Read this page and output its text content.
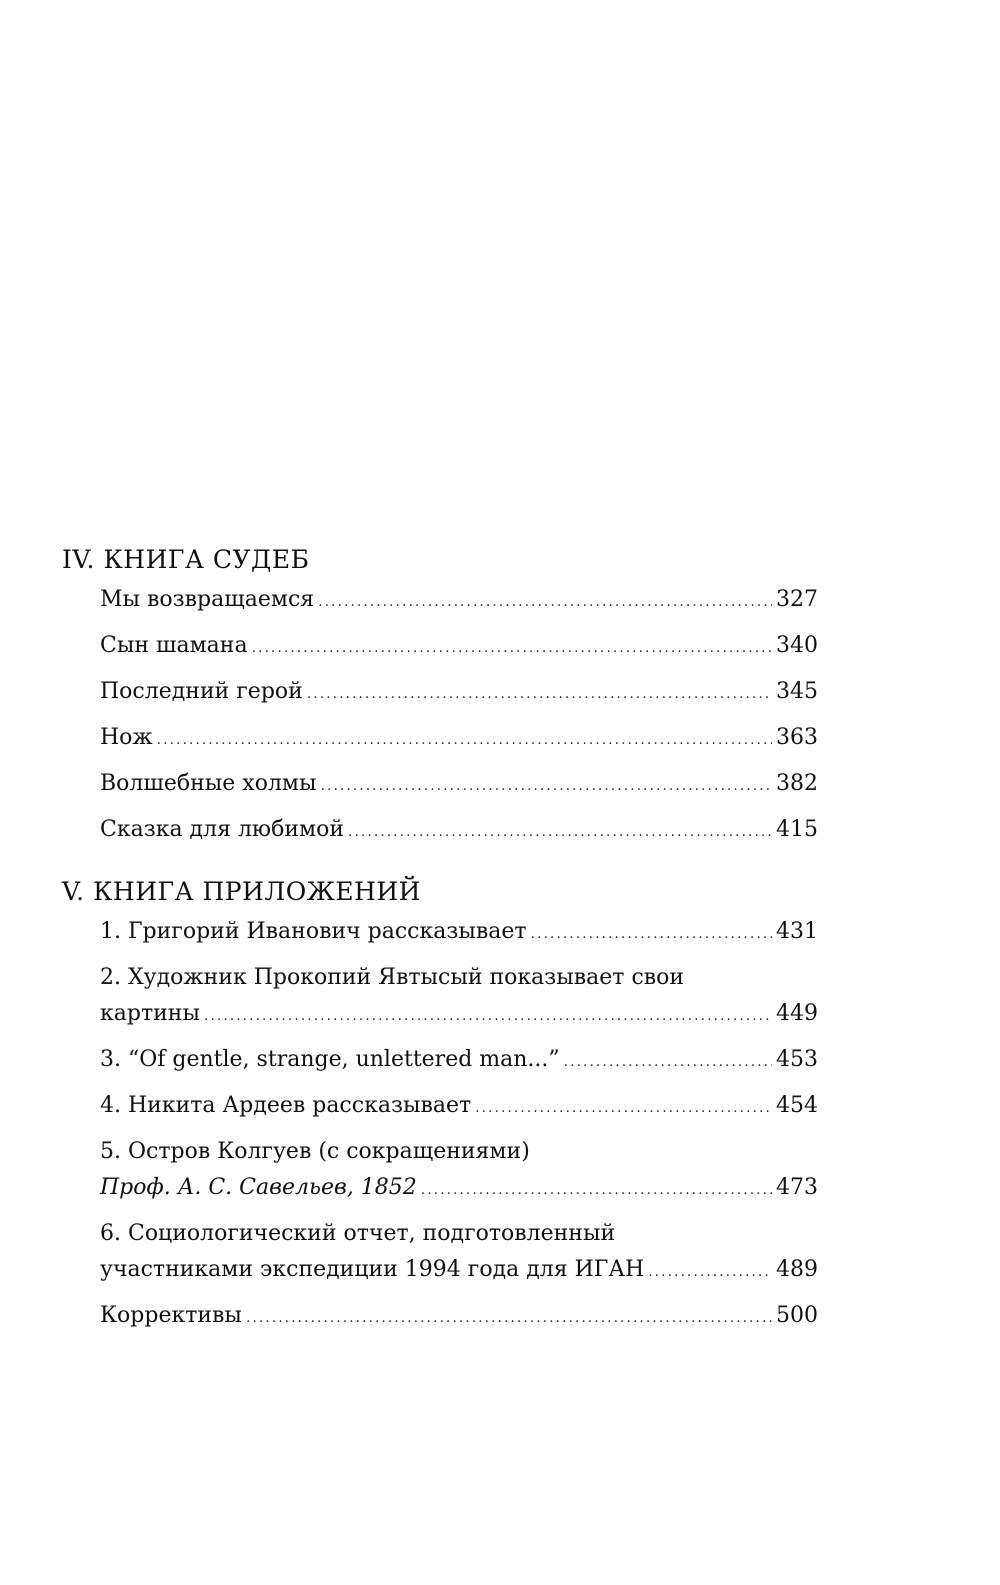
IV. КНИГА СУДЕБ
Мы возвращаемся .....	327
Сын шамана .....	340
Последний герой .....	345
Нож .....	363
Волшебные холмы .....	382
Сказка для любимой .....	415
V. КНИГА ПРИЛОЖЕНИЙ
1. Григорий Иванович рассказывает .....	431
2. Художник Прокопий Явтысый показывает свои
картины .....	449
3. “Of gentle, strange, unlettered man...” .....	453
4. Никита Ардеев рассказывает .....	454
5. Остров Колгуев (с сокращениями)
Проф. А. С. Савельев, 1852 .....	473
6. Социологический отчет, подготовленный
участниками экспедиции 1994 года для ИГАН .....	489
Коррективы .....	500
